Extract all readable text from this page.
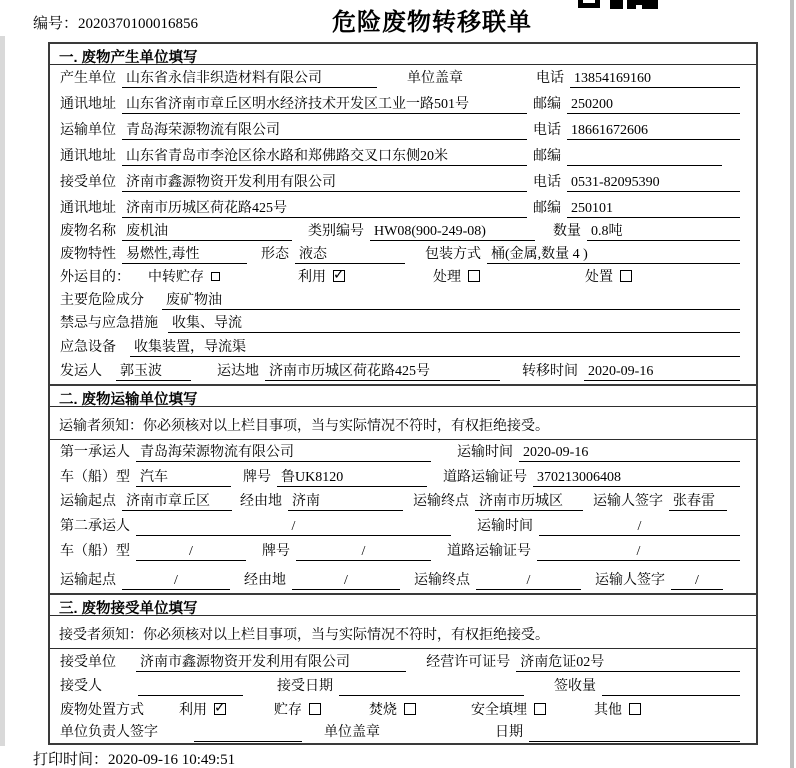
编号：2020370100016856	危险废物转移联单
一. 废物产生单位填写
产生单位 山东省永信非织造材料有限公司	单位盖章	电话 13854169160
通讯地址 山东省济南市章丘区明水经济技术开发区工业一路501号	邮编 250200
运输单位 青岛海荣源物流有限公司	电话 18661672606
通讯地址 山东省青岛市李沧区徐水路和郑佛路交叉口东侧20米	邮编
接受单位 济南市鑫源物资开发利用有限公司	电话 0531-82095390
通讯地址 济南市历城区荷花路425号	邮编 250101
废物名称 废机油	类别编号 HW08(900-249-08)	数量 0.8吨
废物特性 易燃性,毒性	形态 液态	包装方式 桶(金属,数量 4 )
外运目的： 中转贮存	利用 ✓	处理	处置
主要危险成分 废矿物油
禁忌与应急措施 收集、导流
应急设备 收集装置，导流渠
发运人 郭玉波	运达地 济南市历城区荷花路425号	转移时间 2020-09-16
二. 废物运输单位填写
运输者须知：你必须核对以上栏目事项，当与实际情况不符时，有权拒绝接受。
第一承运人 青岛海荣源物流有限公司	运输时间 2020-09-16
车（船）型 汽车	牌号 鲁UK8120	道路运输证号 370213006408
运输起点 济南市章丘区	经由地 济南	运输终点 济南市历城区	运输人签字 张春雷
第二承运人	/	运输时间	/
车（船）型	/	牌号	/	道路运输证号	/
运输起点	/	经由地	/	运输终点	/	运输人签字	/
三. 废物接受单位填写
接受者须知：你必须核对以上栏目事项，当与实际情况不符时，有权拒绝接受。
接受单位 济南市鑫源物资开发利用有限公司	经营许可证号 济南危证02号
接受人	接受日期	签收量
废物处置方式	利用 ✓	贮存	焚烧	安全填埋	其他
单位负责人签字	单位盖章	日期
打印时间：2020-09-16 10:49:51
